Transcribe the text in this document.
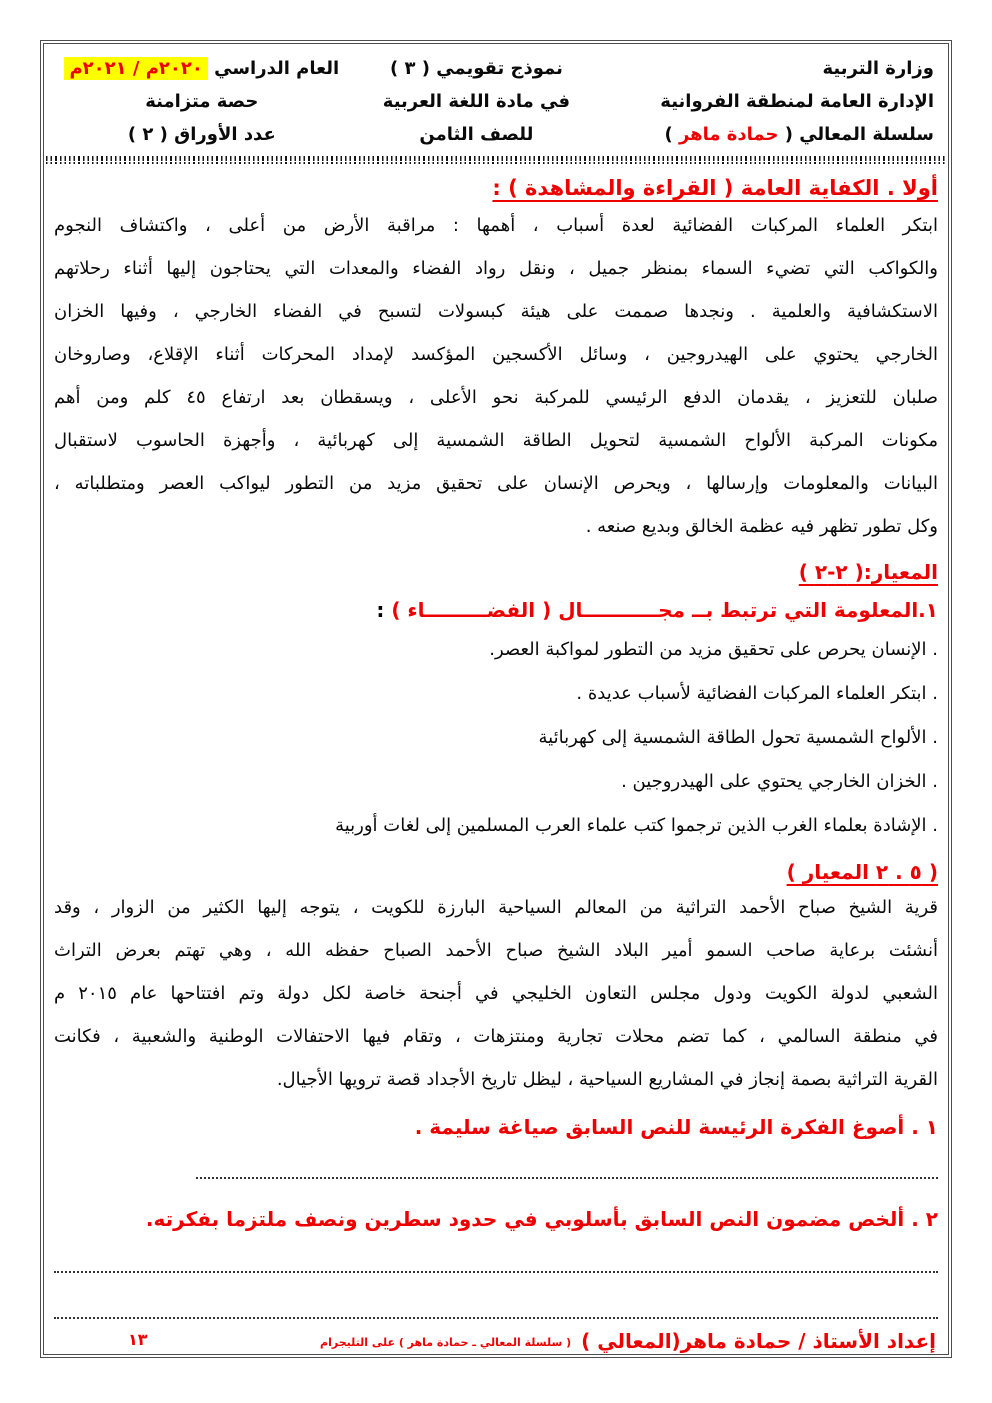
وزارة التربية
الإدارة العامة لمنطقة الفروانية
سلسلة المعالي ( حمادة ماهر )
نموذج تقويمي ( ٣ )
في مادة اللغة العربية
للصف الثامن
العام الدراسي ٢٠٢٠م / ٢٠٢١م
حصة متزامنة
عدد الأوراق ( ٢ )
أولا . الكفاية العامة ( القراءة والمشاهدة ) :
ابتكر العلماء المركبات الفضائية لعدة أسباب ، أهمها : مراقبة الأرض من أعلى ، واكتشاف النجوم
والكواكب التي تضيء السماء بمنظر جميل ، ونقل رواد الفضاء والمعدات التي يحتاجون إليها أثناء رحلاتهم
الاستكشافية والعلمية . ونجدها صممت على هيئة كبسولات لتسبح في الفضاء الخارجي ، وفيها الخزان
الخارجي يحتوي على الهيدروجين ، وسائل الأكسجين المؤكسد لإمداد المحركات أثناء الإقلاع، وصاروخان
صلبان للتعزيز ، يقدمان الدفع الرئيسي للمركبة نحو الأعلى ، ويسقطان بعد ارتفاع ٤٥ كلم ومن أهم
مكونات المركبة الألواح الشمسية لتحويل الطاقة الشمسية إلى كهربائية ، وأجهزة الحاسوب لاستقبال
البيانات والمعلومات وإرسالها ، ويحرص الإنسان على تحقيق مزيد من التطور ليواكب العصر ومتطلباته ،
وكل تطور تظهر فيه عظمة الخالق وبديع صنعه .
المعيار:( ٢-٢ )
١.المعلومة التي ترتبط بــ مجـــــــــــال ( الفضـــــــــاء ) :
. الإنسان يحرص على تحقيق مزيد من التطور لمواكبة العصر.
. ابتكر العلماء المركبات الفضائية لأسباب عديدة .
. الألواح الشمسية تحول الطاقة الشمسية إلى كهربائية
. الخزان الخارجي يحتوي على الهيدروجين .
. الإشادة بعلماء الغرب الذين ترجموا كتب علماء العرب المسلمين إلى لغات أوربية
( ٥ . ٢ المعيار )
قرية الشيخ صباح الأحمد التراثية من المعالم السياحية البارزة للكويت ، يتوجه إليها الكثير من الزوار ، وقد
أنشئت برعاية صاحب السمو أمير البلاد الشيخ صباح الأحمد الصباح حفظه الله ، وهي تهتم بعرض التراث
الشعبي لدولة الكويت ودول مجلس التعاون الخليجي في أجنحة خاصة لكل دولة وتم افتتاحها عام ٢٠١٥ م
في منطقة السالمي ، كما تضم محلات تجارية ومنتزهات ، وتقام فيها الاحتفالات الوطنية والشعبية ، فكانت
القرية التراثية بصمة إنجاز في المشاريع السياحية ، ليظل تاريخ الأجداد قصة ترويها الأجيال.
١ . أصوغ الفكرة الرئيسة للنص السابق صياغة سليمة .
٢ . ألخص مضمون النص السابق بأسلوبي في حدود سطرين ونصف ملتزما بفكرته.
إعداد الأستاذ / حمادة ماهر(المعالي )
( سلسلة المعالي ـ حمادة ماهر ) على التليجرام
١٣
